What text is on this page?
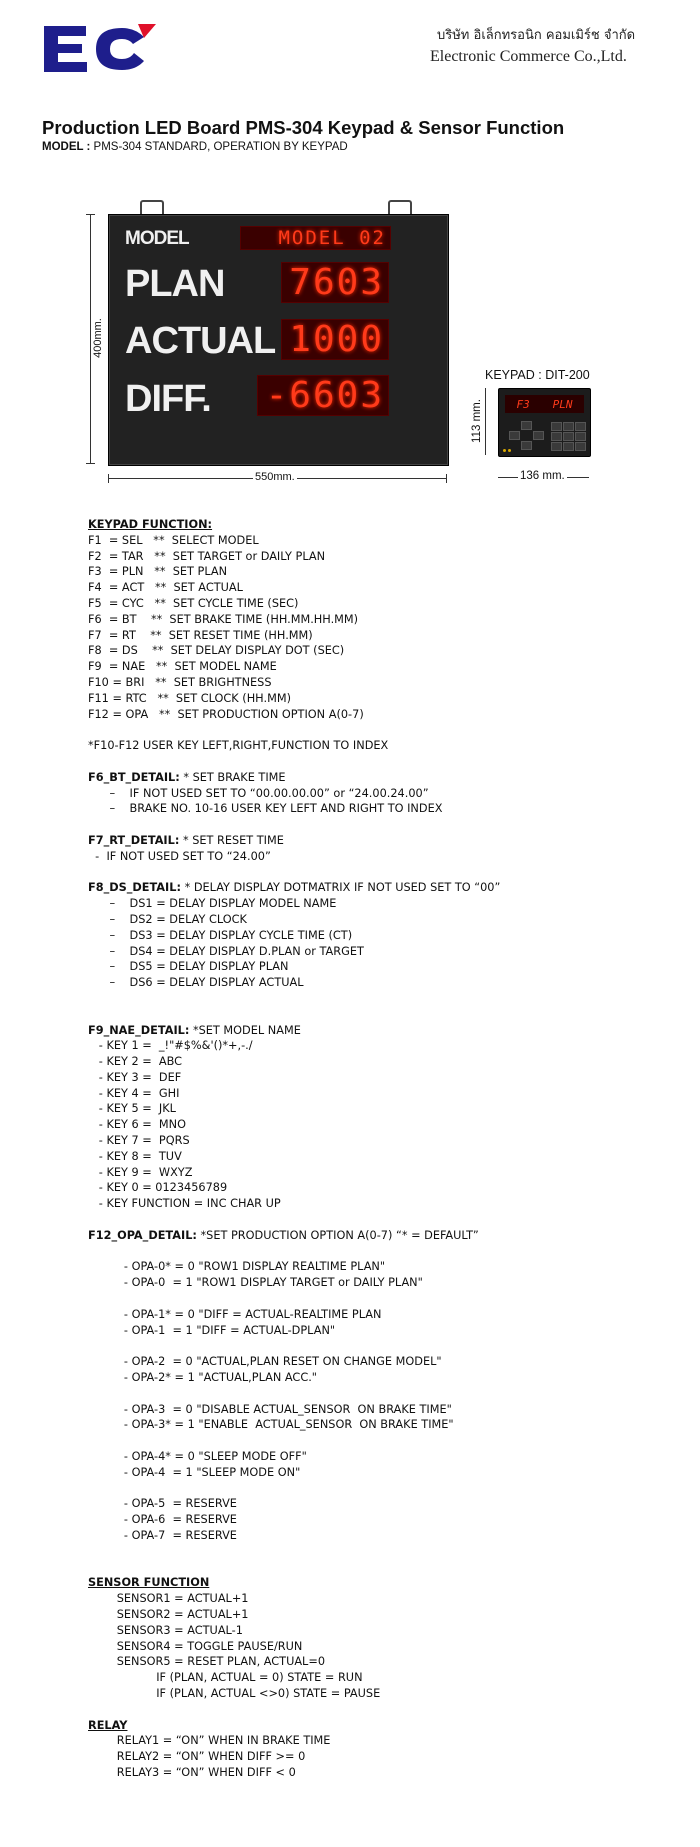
บริษัท อิเล็กทรอนิก คอมเมิร์ช จำกัด
Electronic Commerce Co.,Ltd.
Production LED Board PMS-304 Keypad & Sensor Function
MODEL : PMS-304 STANDARD, OPERATION BY KEYPAD
MODEL	MODEL 02
PLAN 7603
ACTUAL 1000
DIFF. -6603
400mm.
550mm.
KEYPAD : DIT-200
F3 PLN
113 mm.
136 mm.
KEYPAD FUNCTION:
F1  = SEL   **  SELECT MODEL
F2  = TAR   **  SET TARGET or DAILY PLAN
F3  = PLN   **  SET PLAN
F4  = ACT   **  SET ACTUAL
F5  = CYC   **  SET CYCLE TIME (SEC)
F6  = BT    **  SET BRAKE TIME (HH.MM.HH.MM)
F7  = RT    **  SET RESET TIME (HH.MM)
F8  = DS    **  SET DELAY DISPLAY DOT (SEC)
F9  = NAE   **  SET MODEL NAME
F10 = BRI   **  SET BRIGHTNESS
F11 = RTC   **  SET CLOCK (HH.MM)
F12 = OPA   **  SET PRODUCTION OPTION A(0-7)
*F10-F12 USER KEY LEFT,RIGHT,FUNCTION TO INDEX
F6_BT_DETAIL: * SET BRAKE TIME
–    IF NOT USED SET TO “00.00.00.00” or “24.00.24.00”
–    BRAKE NO. 10-16 USER KEY LEFT AND RIGHT TO INDEX
F7_RT_DETAIL: * SET RESET TIME
-  IF NOT USED SET TO “24.00”
F8_DS_DETAIL: * DELAY DISPLAY DOTMATRIX IF NOT USED SET TO “00”
–    DS1 = DELAY DISPLAY MODEL NAME
–    DS2 = DELAY CLOCK
–    DS3 = DELAY DISPLAY CYCLE TIME (CT)
–    DS4 = DELAY DISPLAY D.PLAN or TARGET
–    DS5 = DELAY DISPLAY PLAN
–    DS6 = DELAY DISPLAY ACTUAL
F9_NAE_DETAIL: *SET MODEL NAME
- KEY 1 =  _!"#$%&'()*+,-./
- KEY 2 =  ABC
- KEY 3 =  DEF
- KEY 4 =  GHI
- KEY 5 =  JKL
- KEY 6 =  MNO
- KEY 7 =  PQRS
- KEY 8 =  TUV
- KEY 9 =  WXYZ
- KEY 0 = 0123456789
- KEY FUNCTION = INC CHAR UP
F12_OPA_DETAIL: *SET PRODUCTION OPTION A(0-7) “* = DEFAULT”
- OPA-0* = 0 "ROW1 DISPLAY REALTIME PLAN"
- OPA-0  = 1 "ROW1 DISPLAY TARGET or DAILY PLAN"
- OPA-1* = 0 "DIFF = ACTUAL-REALTIME PLAN
- OPA-1  = 1 "DIFF = ACTUAL-DPLAN"
- OPA-2  = 0 "ACTUAL,PLAN RESET ON CHANGE MODEL"
- OPA-2* = 1 "ACTUAL,PLAN ACC."
- OPA-3  = 0 "DISABLE ACTUAL_SENSOR  ON BRAKE TIME"
- OPA-3* = 1 "ENABLE  ACTUAL_SENSOR  ON BRAKE TIME"
- OPA-4* = 0 "SLEEP MODE OFF"
- OPA-4  = 1 "SLEEP MODE ON"
- OPA-5  = RESERVE
- OPA-6  = RESERVE
- OPA-7  = RESERVE
SENSOR FUNCTION
SENSOR1 = ACTUAL+1
SENSOR2 = ACTUAL+1
SENSOR3 = ACTUAL-1
SENSOR4 = TOGGLE PAUSE/RUN
SENSOR5 = RESET PLAN, ACTUAL=0
IF (PLAN, ACTUAL = 0) STATE = RUN
IF (PLAN, ACTUAL <>0) STATE = PAUSE
RELAY
RELAY1 = “ON” WHEN IN BRAKE TIME
RELAY2 = “ON” WHEN DIFF >= 0
RELAY3 = “ON” WHEN DIFF < 0
